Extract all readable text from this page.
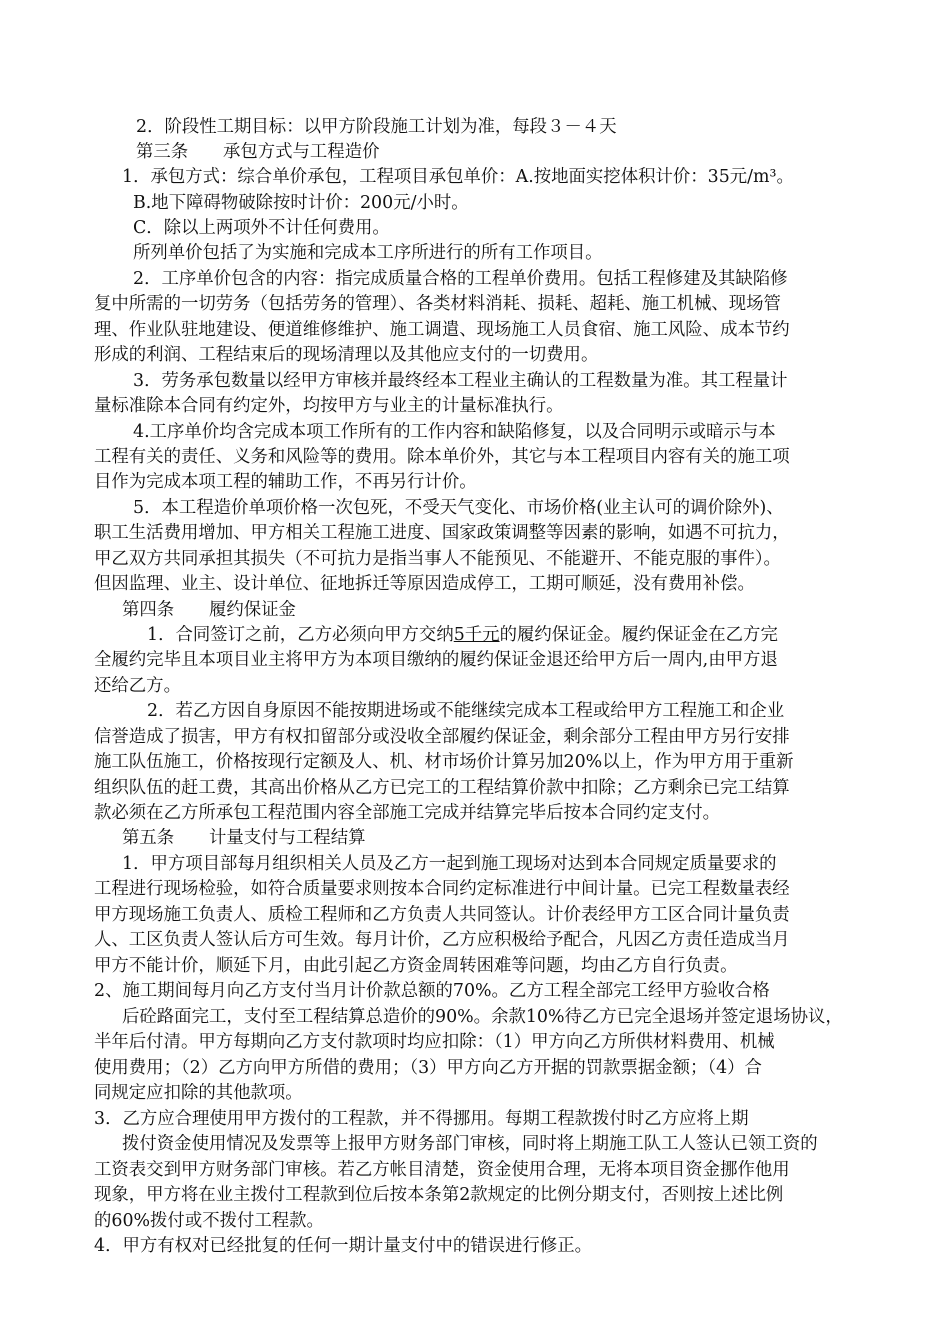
2．阶段性工期目标：以甲方阶段施工计划为准，每段３－４天
第三条　　承包方式与工程造价
1．承包方式：综合单价承包，工程项目承包单价：A.按地面实挖体积计价：35元/m³。
B.地下障碍物破除按时计价：200元/小时。
C．除以上两项外不计任何费用。
所列单价包括了为实施和完成本工序所进行的所有工作项目。
2．工序单价包含的内容：指完成质量合格的工程单价费用。包括工程修建及其缺陷修
复中所需的一切劳务（包括劳务的管理）、各类材料消耗、损耗、超耗、施工机械、现场管
理、作业队驻地建设、便道维修维护、施工调遣、现场施工人员食宿、施工风险、成本节约
形成的利润、工程结束后的现场清理以及其他应支付的一切费用。
3．劳务承包数量以经甲方审核并最终经本工程业主确认的工程数量为准。其工程量计
量标准除本合同有约定外，均按甲方与业主的计量标准执行。
4.工序单价均含完成本项工作所有的工作内容和缺陷修复，以及合同明示或暗示与本
工程有关的责任、义务和风险等的费用。除本单价外，其它与本工程项目内容有关的施工项
目作为完成本项工程的辅助工作，不再另行计价。
5．本工程造价单项价格一次包死，不受天气变化、市场价格(业主认可的调价除外)、
职工生活费用增加、甲方相关工程施工进度、国家政策调整等因素的影响，如遇不可抗力，
甲乙双方共同承担其损失（不可抗力是指当事人不能预见、不能避开、不能克服的事件）。
但因监理、业主、设计单位、征地拆迁等原因造成停工，工期可顺延，没有费用补偿。
第四条　　履约保证金
1．合同签订之前，乙方必须向甲方交纳5千元的履约保证金。履约保证金在乙方完
全履约完毕且本项目业主将甲方为本项目缴纳的履约保证金退还给甲方后一周内,由甲方退
还给乙方。
2．若乙方因自身原因不能按期进场或不能继续完成本工程或给甲方工程施工和企业
信誉造成了损害，甲方有权扣留部分或没收全部履约保证金，剩余部分工程由甲方另行安排
施工队伍施工，价格按现行定额及人、机、材市场价计算另加20%以上，作为甲方用于重新
组织队伍的赶工费，其高出价格从乙方已完工的工程结算价款中扣除；乙方剩余已完工结算
款必须在乙方所承包工程范围内容全部施工完成并结算完毕后按本合同约定支付。
第五条　　计量支付与工程结算
1．甲方项目部每月组织相关人员及乙方一起到施工现场对达到本合同规定质量要求的
工程进行现场检验，如符合质量要求则按本合同约定标准进行中间计量。已完工程数量表经
甲方现场施工负责人、质检工程师和乙方负责人共同签认。计价表经甲方工区合同计量负责
人、工区负责人签认后方可生效。每月计价，乙方应积极给予配合，凡因乙方责任造成当月
甲方不能计价，顺延下月，由此引起乙方资金周转困难等问题，均由乙方自行负责。
2、施工期间每月向乙方支付当月计价款总额的70%。乙方工程全部完工经甲方验收合格
后砼路面完工，支付至工程结算总造价的90%。余款10%待乙方已完全退场并签定退场协议，
半年后付清。甲方每期向乙方支付款项时均应扣除：（1）甲方向乙方所供材料费用、机械
使用费用；（2）乙方向甲方所借的费用；（3）甲方向乙方开据的罚款票据金额；（4）合
同规定应扣除的其他款项。
3．乙方应合理使用甲方拨付的工程款，并不得挪用。每期工程款拨付时乙方应将上期
拨付资金使用情况及发票等上报甲方财务部门审核，同时将上期施工队工人签认已领工资的
工资表交到甲方财务部门审核。若乙方帐目清楚，资金使用合理，无将本项目资金挪作他用
现象，甲方将在业主拨付工程款到位后按本条第2款规定的比例分期支付，否则按上述比例
的60%拨付或不拨付工程款。
4．甲方有权对已经批复的任何一期计量支付中的错误进行修正。
